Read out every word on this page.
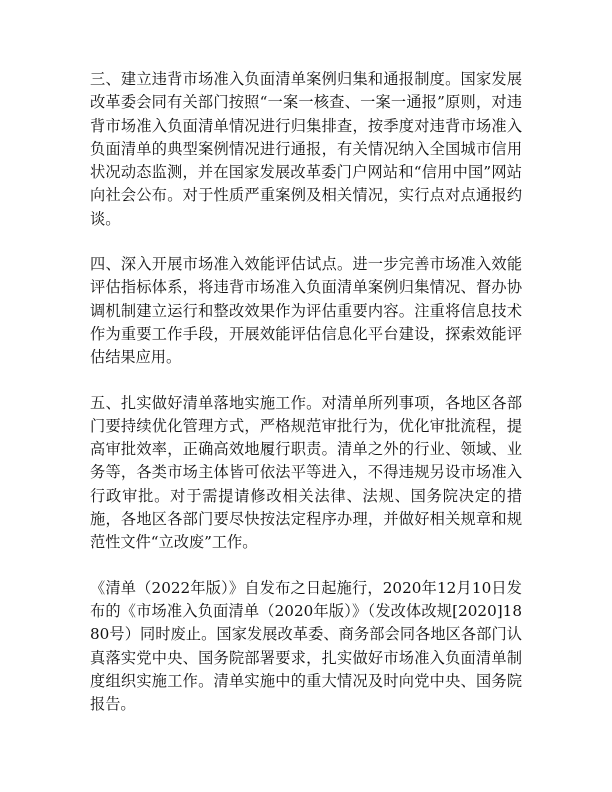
三、建立违背市场准入负面清单案例归集和通报制度。国家发展改革委会同有关部门按照“一案一核查、一案一通报”原则，对违背市场准入负面清单情况进行归集排查，按季度对违背市场准入负面清单的典型案例情况进行通报，有关情况纳入全国城市信用状况动态监测，并在国家发展改革委门户网站和“信用中国”网站向社会公布。对于性质严重案例及相关情况，实行点对点通报约谈。

四、深入开展市场准入效能评估试点。进一步完善市场准入效能评估指标体系，将违背市场准入负面清单案例归集情况、督办协调机制建立运行和整改效果作为评估重要内容。注重将信息技术作为重要工作手段，开展效能评估信息化平台建设，探索效能评估结果应用。

五、扎实做好清单落地实施工作。对清单所列事项，各地区各部门要持续优化管理方式，严格规范审批行为，优化审批流程，提高审批效率，正确高效地履行职责。清单之外的行业、领域、业务等，各类市场主体皆可依法平等进入，不得违规另设市场准入行政审批。对于需提请修改相关法律、法规、国务院决定的措施，各地区各部门要尽快按法定程序办理，并做好相关规章和规范性文件“立改废”工作。

《清单（2022年版）》自发布之日起施行，2020年12月10日发布的《市场准入负面清单（2020年版）》（发改体改规[2020]1880号）同时废止。国家发展改革委、商务部会同各地区各部门认真落实党中央、国务院部署要求，扎实做好市场准入负面清单制度组织实施工作。清单实施中的重大情况及时向党中央、国务院报告。
